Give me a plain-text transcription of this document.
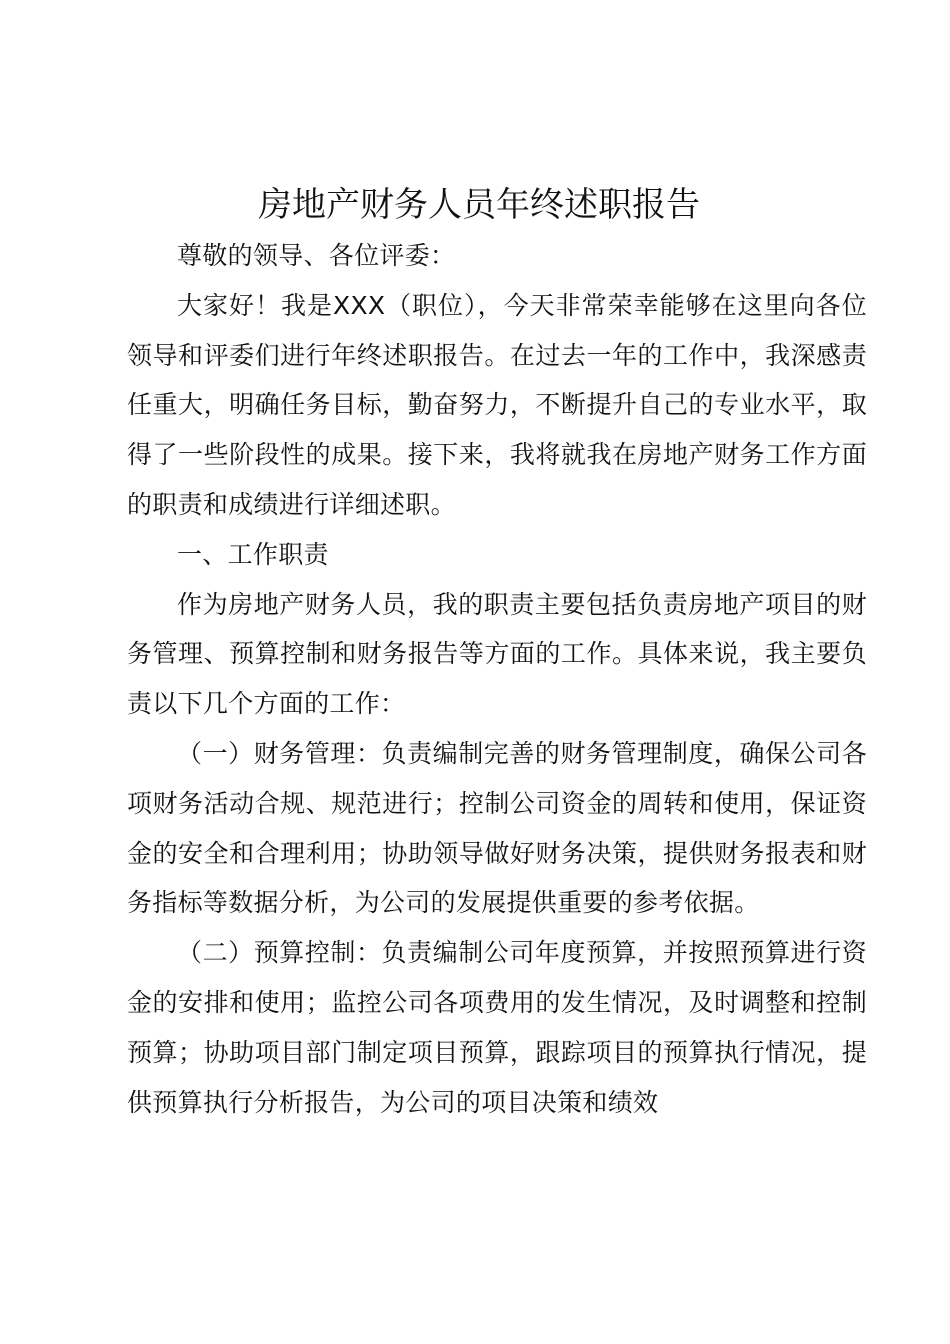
房地产财务人员年终述职报告

尊敬的领导、各位评委：

大家好！我是XXX（职位），今天非常荣幸能够在这里向各位领导和评委们进行年终述职报告。在过去一年的工作中，我深感责任重大，明确任务目标，勤奋努力，不断提升自己的专业水平，取得了一些阶段性的成果。接下来，我将就我在房地产财务工作方面的职责和成绩进行详细述职。

一、工作职责

作为房地产财务人员，我的职责主要包括负责房地产项目的财务管理、预算控制和财务报告等方面的工作。具体来说，我主要负责以下几个方面的工作：

（一）财务管理：负责编制完善的财务管理制度，确保公司各项财务活动合规、规范进行；控制公司资金的周转和使用，保证资金的安全和合理利用；协助领导做好财务决策，提供财务报表和财务指标等数据分析，为公司的发展提供重要的参考依据。

（二）预算控制：负责编制公司年度预算，并按照预算进行资金的安排和使用；监控公司各项费用的发生情况，及时调整和控制预算；协助项目部门制定项目预算，跟踪项目的预算执行情况，提供预算执行分析报告，为公司的项目决策和绩效
